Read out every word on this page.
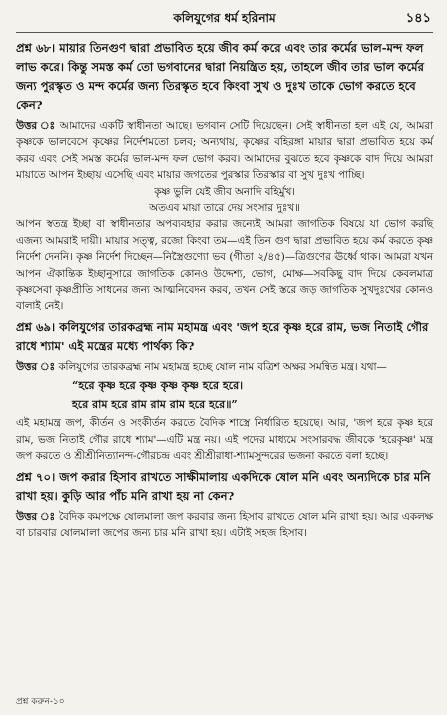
কলিযুগের ধর্ম হরিনাম	১৪১

প্রশ্ন ৬৮। মায়ার তিনগুণ দ্বারা প্রভাবিত হয়ে জীব কর্ম করে এবং তার কর্মের ভাল-মন্দ ফল লাভ করে। কিন্তু সমস্ত কর্ম তো ভগবানের দ্বারা নিয়ন্ত্রিত হয়, তাহলে জীব তার ভাল কর্মের জন্য পুরস্কৃত ও মন্দ কর্মের জন্য তিরস্কৃত হবে কিংবা সুখ ও দুঃখ তাকে ভোগ করতে হবে কেন?

উত্তর ঃ আমাদের একটি স্বাধীনতা আছে। ভগবান সেটি দিয়েছেন। সেই স্বাধীনতা হল এই যে, আমরা কৃষ্ণকে ভালবেসে কৃষ্ণের নির্দেশমতো চলব; অন্যথায়, কৃষ্ণের বহিরঙ্গা মায়ার দ্বারা প্রভাবিত হয়ে কর্ম করব এবং সেই সমস্ত কর্মের ভাল-মন্দ ফল ভোগ করব। আমাদের বুঝতে হবে কৃষ্ণকে বাদ দিয়ে আমরা মায়াতে আপন ইচ্ছায় এসেছি এবং মায়ার জগতের পুরস্কার তিরস্কার বা সুখ দুঃখ পাচ্ছি।

কৃষ্ণ ভুলি যেই জীব অনাদি বহির্মুখ।

অতএব মায়া তারে দেয় সংসার দুঃখ॥

আপন স্বতন্ত্র ইচ্ছা বা স্বাধীনতার অপব্যবহার করার জন্যেই আমরা জাগতিক বিষয়ে যা ভোগ করছি এজন্য আমরাই দায়ী। মায়ার সত্ত্ব, রজো কিংবা তম—এই তিন গুণ দ্বারা প্রভাবিত হয়ে কর্ম করতে কৃষ্ণ নির্দেশ দেননি। কৃষ্ণ নির্দেশ দিচ্ছেন—নিস্ত্রৈগুণ্যো ভব (গীতা ২/৪৫)—ত্রিগুণের ঊর্ধ্বে থাক। আমরা যখন আপন ঐকান্তিক ইচ্ছানুসারে জাগতিক কোনও উদ্দেশ্য, ভোগ, মোক্ষ—সবকিছু বাদ দিয়ে কেবলমাত্র কৃষ্ণসেবা কৃষ্ণপ্রীতি সাধনের জন্য আত্মনিবেদন করব, তখন সেই স্তরে জড় জাগতিক সুখদুঃখের কোনও বালাই নেই।

প্রশ্ন ৬৯। কলিযুগের তারকব্রহ্ম নাম মহামন্ত্র এবং 'জপ হরে কৃষ্ণ হরে রাম, ভজ নিতাই গৌর রাধে শ্যাম' এই মন্ত্রের মধ্যে পার্থক্য কি?

উত্তর ঃ কলিযুগের তারকব্রহ্ম নাম মহামন্ত্র হচ্ছে ষোল নাম বত্রিশ অক্ষর সমন্বিত মন্ত্র। যথা—

“হরে কৃষ্ণ হরে কৃষ্ণ কৃষ্ণ কৃষ্ণ হরে হরে।

হরে রাম হরে রাম রাম রাম হরে হরে॥”

এই মহামন্ত্র জপ, কীর্তন ও সংকীর্তন করতে বৈদিক শাস্ত্রে নির্ধারিত হয়েছে। আর, 'জপ হরে কৃষ্ণ হরে রাম, ভজ নিতাই গৌর রাধে শ্যাম'—এটি মন্ত্র নয়। এই পদের মাধ্যমে সংসারবদ্ধ জীবকে 'হরেকৃষ্ণ' মন্ত্র জপ করতে ও শ্রীশ্রীনিত্যানন্দ-গৌরচন্দ্র এবং শ্রীশ্রীরাধা-শ্যামসুন্দরের ভজনা করতে বলা হচ্ছে।

প্রশ্ন ৭০। জপ করার হিসাব রাখতে সাক্ষীমালায় একদিকে ষোল মনি এবং অন্যদিকে চার মনি রাখা হয়। কুড়ি আর পাঁচ মনি রাখা হয় না কেন?

উত্তর ঃ বৈদিক কমপক্ষে ষোলমালা জপ করবার জন্য হিসাব রাখতে ষোল মনি রাখা হয়। আর একলক্ষ বা চারবার ষোলমালা জপের জন্য চার মনি রাখা হয়। এটাই সহজ হিসাব।

প্রশ্ন করুন-১০
